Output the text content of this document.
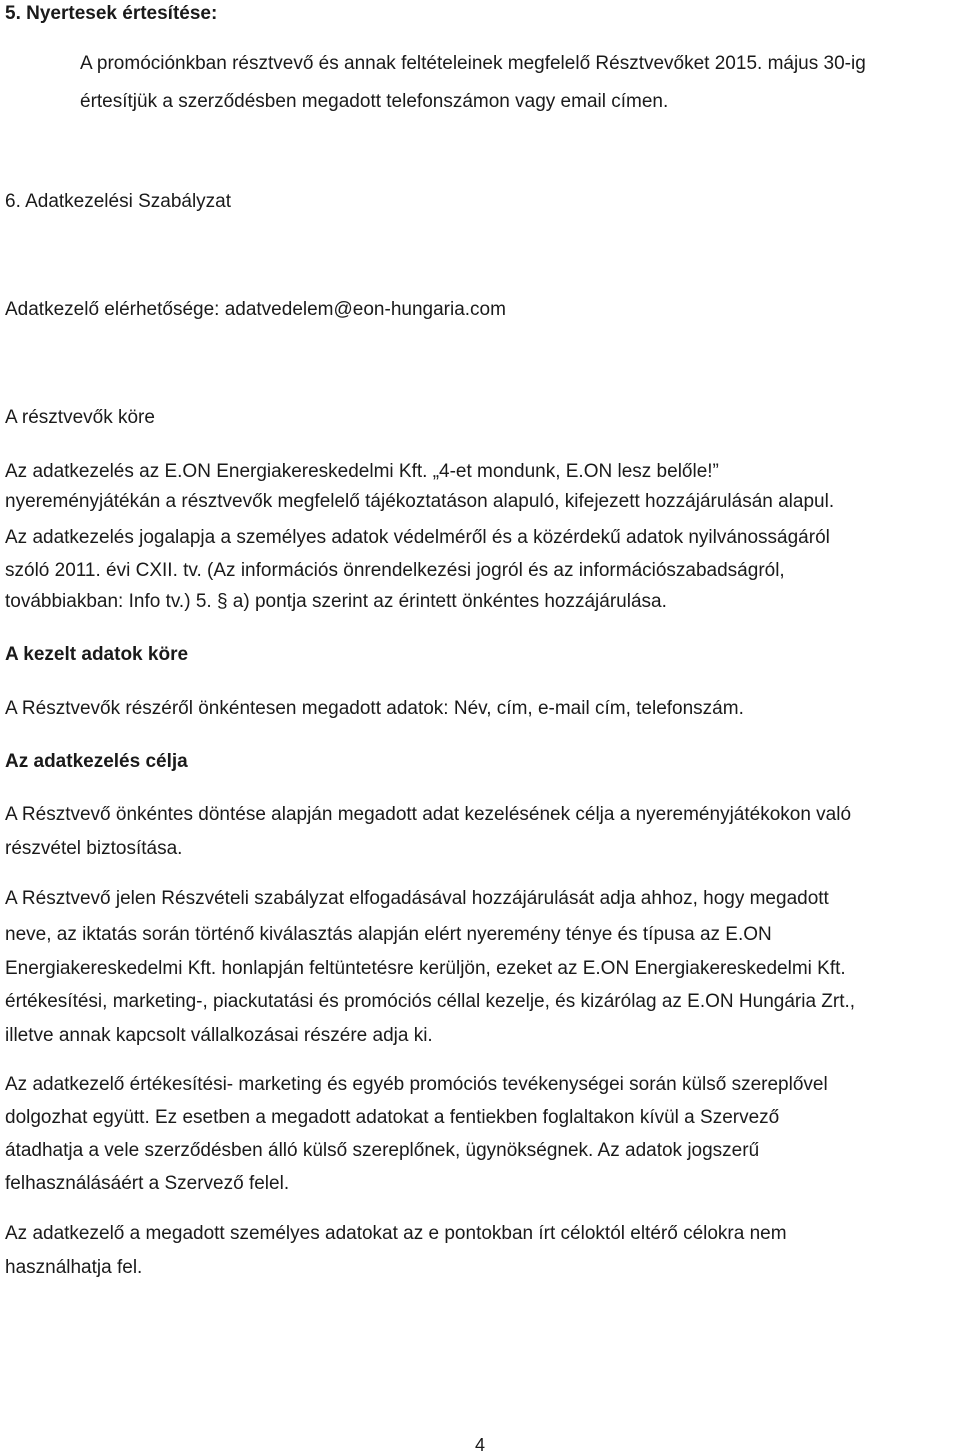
5. Nyertesek értesítése:
A promóciónkban résztvevő és annak feltételeinek megfelelő Résztvevőket 2015. május 30-ig
értesítjük a szerződésben megadott telefonszámon vagy email címen.
6. Adatkezelési Szabályzat
Adatkezelő elérhetősége: adatvedelem@eon-hungaria.com
A résztvevők köre
Az adatkezelés az E.ON Energiakereskedelmi Kft. „4-et mondunk, E.ON lesz belőle!”
nyereményjátékán a résztvevők megfelelő tájékoztatáson alapuló, kifejezett hozzájárulásán alapul.
Az adatkezelés jogalapja a személyes adatok védelméről és a közérdekű adatok nyilvánosságáról
szóló 2011. évi CXII. tv. (Az információs önrendelkezési jogról és az információszabadságról,
továbbiakban: Info tv.) 5. § a) pontja szerint az érintett önkéntes hozzájárulása.
A kezelt adatok köre
A Résztvevők részéről önkéntesen megadott adatok: Név, cím, e-mail cím, telefonszám.
Az adatkezelés célja
A Résztvevő önkéntes döntése alapján megadott adat kezelésének célja a nyereményjátékokon való
részvétel biztosítása.
A Résztvevő jelen Részvételi szabályzat elfogadásával hozzájárulását adja ahhoz, hogy megadott
neve, az iktatás során történő kiválasztás alapján elért nyeremény ténye és típusa az E.ON
Energiakereskedelmi Kft. honlapján feltüntetésre kerüljön, ezeket az E.ON Energiakereskedelmi Kft.
értékesítési, marketing-, piackutatási és promóciós céllal kezelje, és kizárólag az E.ON Hungária Zrt.,
illetve annak kapcsolt vállalkozásai részére adja ki.
Az adatkezelő értékesítési- marketing és egyéb promóciós tevékenységei során külső szereplővel
dolgozhat együtt. Ez esetben a megadott adatokat a fentiekben foglaltakon kívül a Szervező
átadhatja a vele szerződésben álló külső szereplőnek, ügynökségnek. Az adatok jogszerű
felhasználásáért a Szervező felel.
Az adatkezelő a megadott személyes adatokat az e pontokban írt céloktól eltérő célokra nem
használhatja fel.
4
